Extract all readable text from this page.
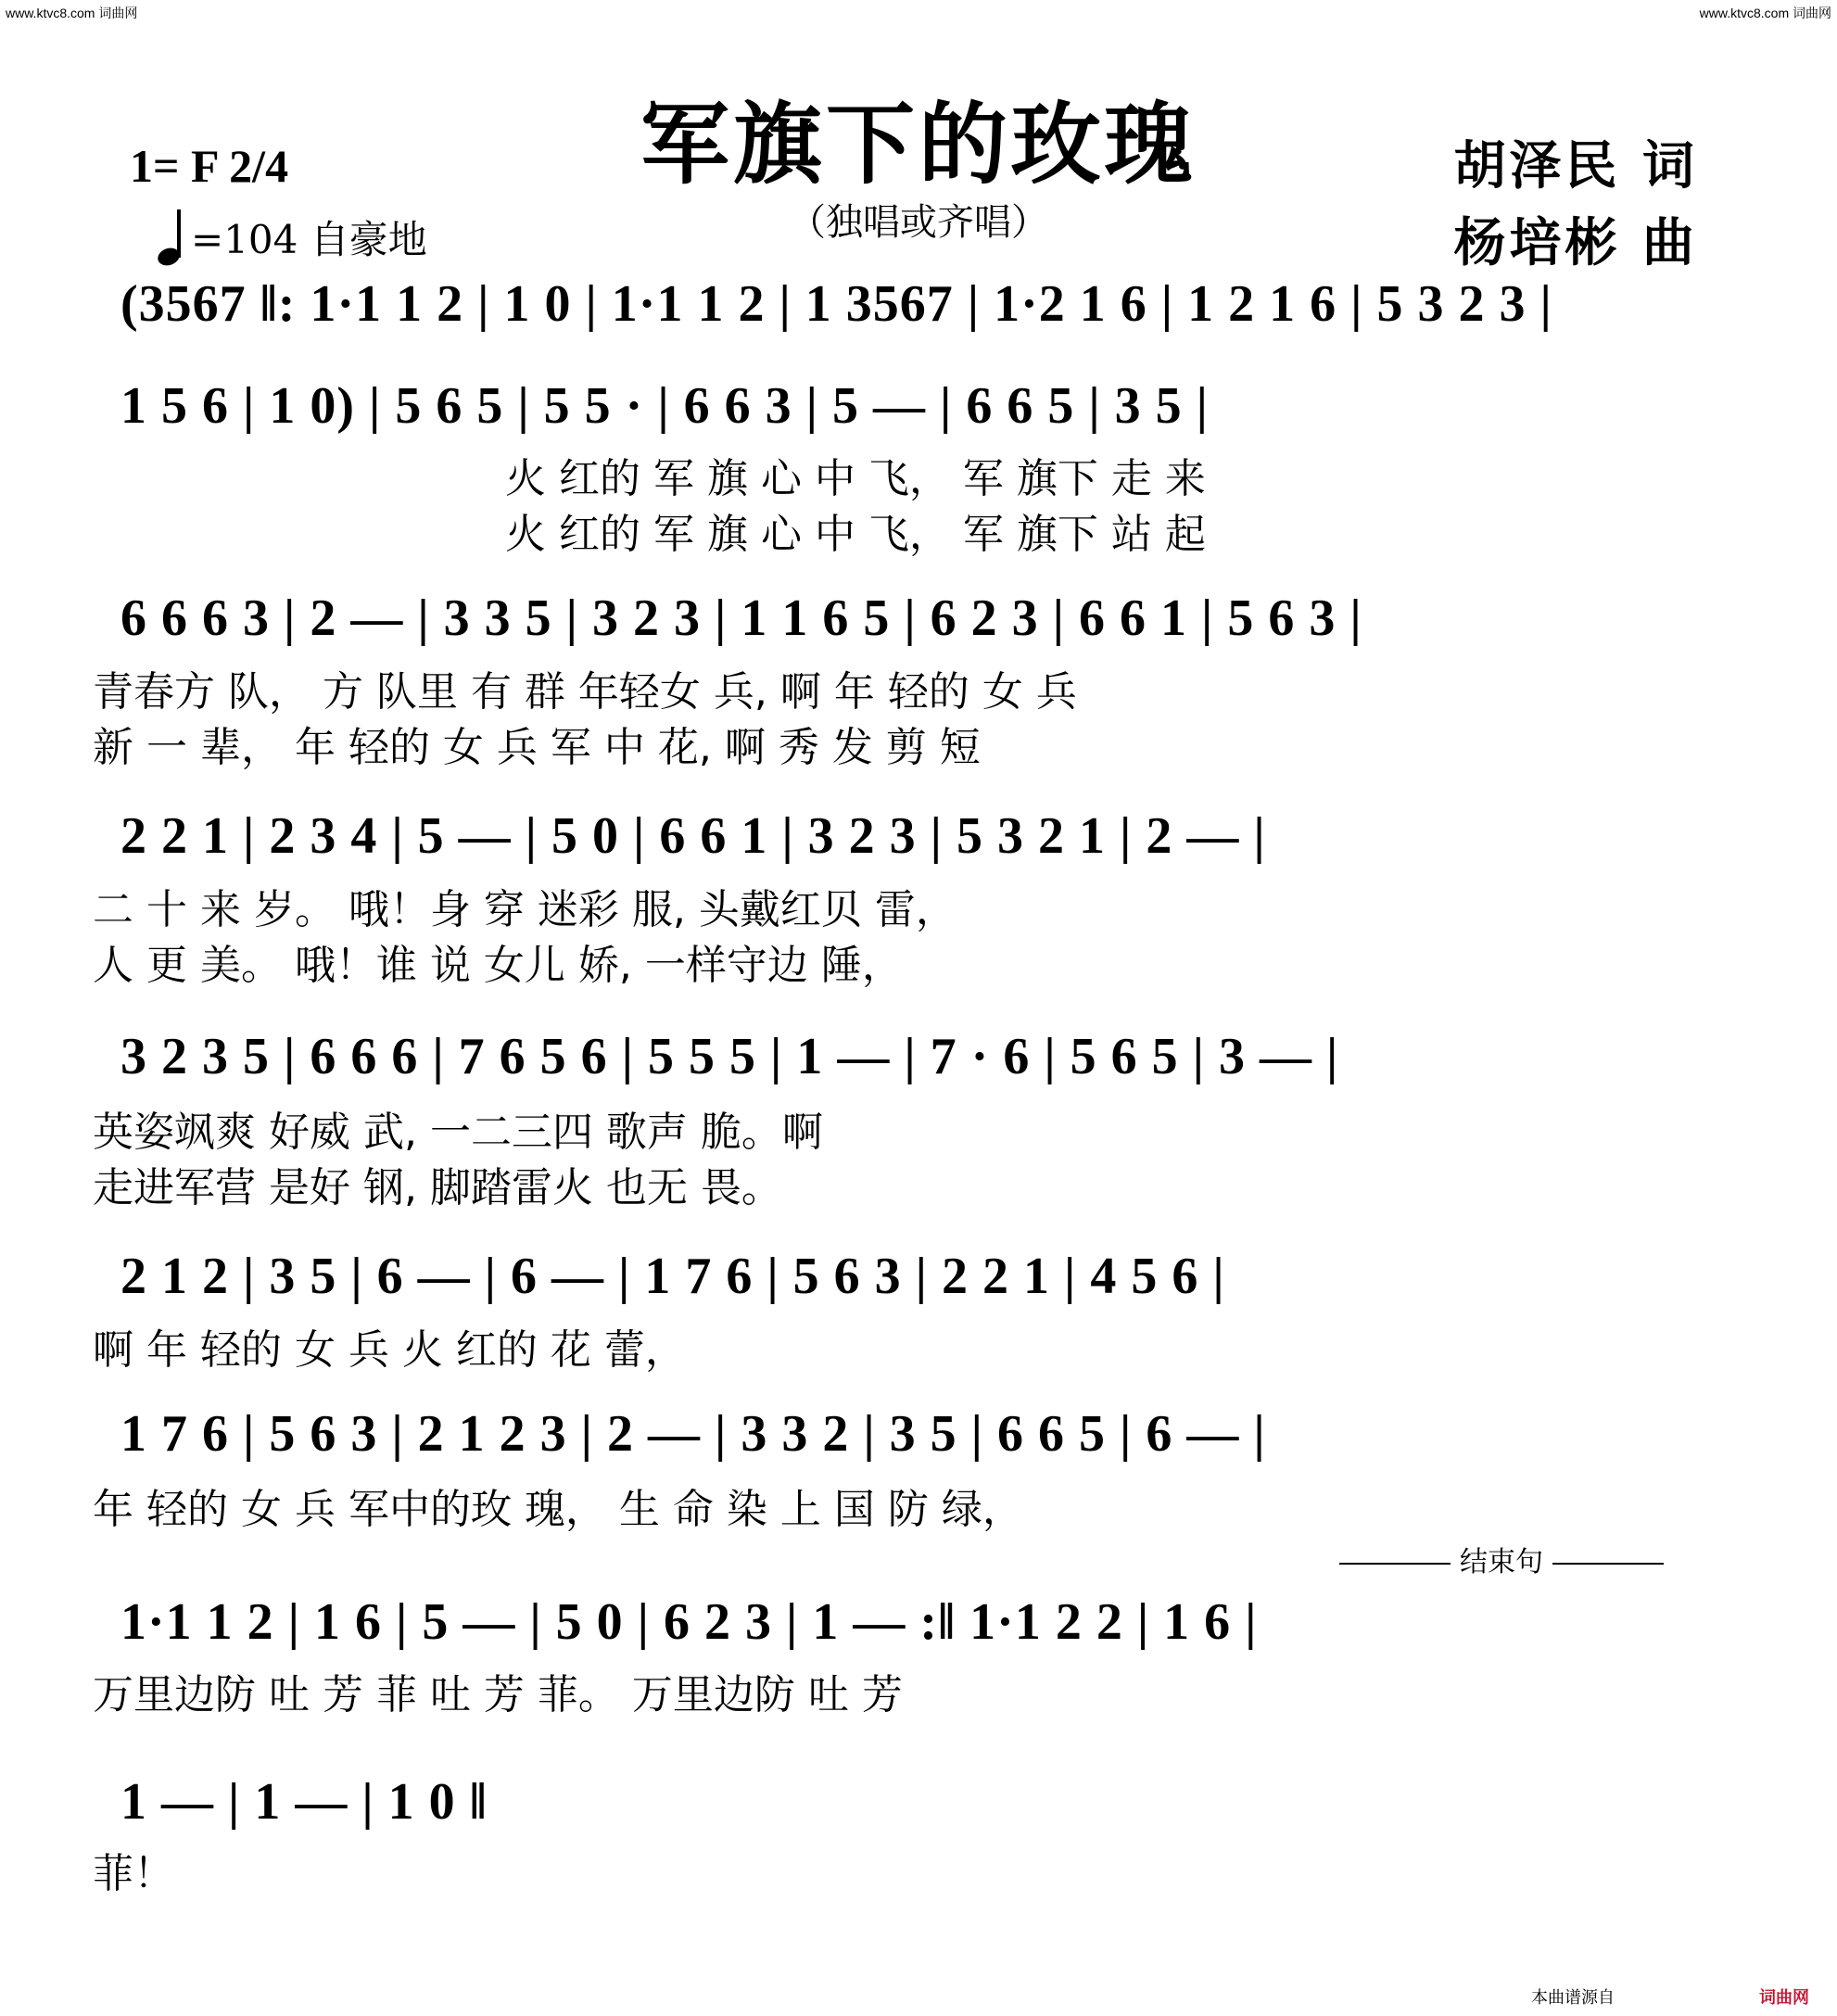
www.ktvc8.com 词曲网	www.ktvc8.com 词曲网
军旗下的玫瑰
（独唱或齐唱）
1= F 2/4
=104 自豪地
胡泽民 词
杨培彬 曲
(3567 ‖: 1·1 1 2 | 1 0 | 1·1 1 2 | 1 3567 | 1·2 1 6 | 1 2 1 6 | 5 3 2 3 |
1 5 6 | 1 0) | 5 6 5 | 5 5 · | 6 6 3 | 5 — | 6 6 5 | 3 5 |
火 红的 军 旗 心 中 飞， 军 旗下 走 来
火 红的 军 旗 心 中 飞， 军 旗下 站 起
6 6 6 3 | 2 — | 3 3 5 | 3 2 3 | 1 1 6 5 | 6 2 3 | 6 6 1 | 5 6 3 |
青春方 队， 方 队里 有 群 年轻女 兵, 啊 年 轻的 女 兵
新 一 辈， 年 轻的 女 兵 军 中 花, 啊 秀 发 剪 短
2 2 1 | 2 3 4 | 5 — | 5 0 | 6 6 1 | 3 2 3 | 5 3 2 1 | 2 — |
二 十 来 岁。 哦！身 穿 迷彩 服, 头戴红贝 雷，
人 更 美。 哦！谁 说 女儿 娇, 一样守边 陲，
3 2 3 5 | 6 6 6 | 7 6 5 6 | 5 5 5 | 1 — | 7 · 6 | 5 6 5 | 3 — |
英姿飒爽 好威 武, 一二三四 歌声 脆。啊
走进军营 是好 钢, 脚踏雷火 也无 畏。
2 1 2 | 3 5 | 6 — | 6 — | 1 7 6 | 5 6 3 | 2 2 1 | 4 5 6 |
啊 年 轻的 女 兵 火 红的 花 蕾，
1 7 6 | 5 6 3 | 2 1 2 3 | 2 — | 3 3 2 | 3 5 | 6 6 5 | 6 — |
年 轻的 女 兵 军中的玫 瑰， 生 命 染 上 国 防 绿，
结束句
1·1 1 2 | 1 6 | 5 — | 5 0 | 6 2 3 | 1 — :‖ 1·1 2 2 | 1 6 |
万里边防 吐 芳 菲 吐 芳 菲。 万里边防 吐 芳
1 — | 1 — | 1 0 ‖
菲！
本曲谱源自	词曲网
